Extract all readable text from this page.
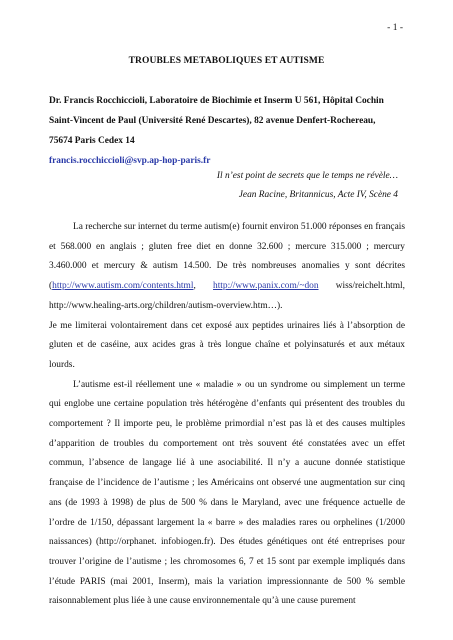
- 1 -
TROUBLES METABOLIQUES ET AUTISME
Dr. Francis Rocchiccioli, Laboratoire de Biochimie et Inserm U 561, Hôpital Cochin
Saint-Vincent de Paul (Université René Descartes), 82 avenue Denfert-Rochereau,
75674 Paris Cedex 14
francis.rocchiccioli@svp.ap-hop-paris.fr
Il n’est point de secrets que le temps ne révèle…
Jean Racine, Britannicus, Acte IV, Scène 4

La recherche sur internet du terme autism(e) fournit environ 51.000 réponses en français et 568.000 en anglais ; gluten free diet en donne 32.600 ; mercure 315.000 ; mercury 3.460.000 et mercury & autism 14.500. De très nombreuses anomalies y sont décrites (http://www.autism.com/contents.html, http://www.panix.com/~don wiss/reichelt.html, http://www.healing-arts.org/children/autism-overview.htm…).

Je me limiterai volontairement dans cet exposé aux peptides urinaires liés à l’absorption de gluten et de caséine, aux acides gras à très longue chaîne et polyinsaturés et aux métaux lourds.

L’autisme est-il réellement une « maladie » ou un syndrome ou simplement un terme qui englobe une certaine population très hétérogène d’enfants qui présentent des troubles du comportement ? Il importe peu, le problème primordial n’est pas là et des causes multiples d’apparition de troubles du comportement ont très souvent été constatées avec un effet commun, l’absence de langage lié à une asociabilité. Il n’y a aucune donnée statistique française de l’incidence de l’autisme ; les Américains ont observé une augmentation sur cinq ans (de 1993 à 1998) de plus de 500 % dans le Maryland, avec une fréquence actuelle de l’ordre de 1/150, dépassant largement la « barre » des maladies rares ou orphelines (1/2000 naissances) (http://orphanet. infobiogen.fr). Des études génétiques ont été entreprises pour trouver l’origine de l’autisme ; les chromosomes 6, 7 et 15 sont par exemple impliqués dans l’étude PARIS (mai 2001, Inserm), mais la variation impressionnante de 500 % semble raisonnablement plus liée à une cause environnementale qu’à une cause purement
